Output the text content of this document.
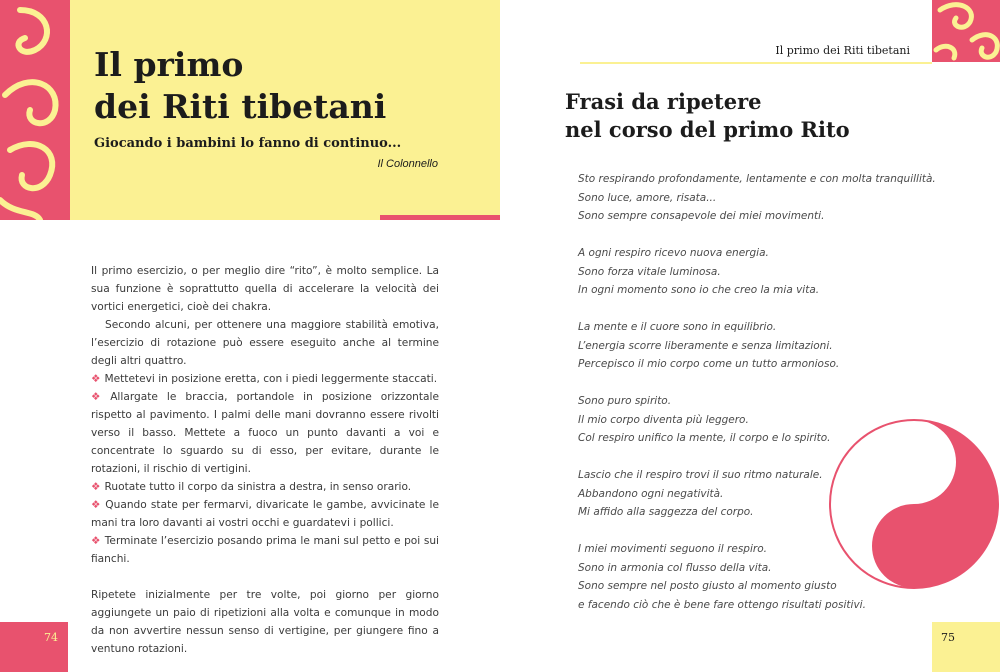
Il primo
dei Riti tibetani

Giocando i bambini lo fanno di continuo...

Il Colonnello

Il primo esercizio, o per meglio dire “rito”, è molto semplice. La sua funzione è soprattutto quella di accelerare la velocità dei vortici energetici, cioè dei chakra.

Secondo alcuni, per ottenere una maggiore stabilità emotiva, l’esercizio di rotazione può essere eseguito anche al termine degli altri quattro.

❖ Mettetevi in posizione eretta, con i piedi leggermente staccati.
❖ Allargate le braccia, portandole in posizione orizzontale rispetto al pavimento. I palmi delle mani dovranno essere rivolti verso il basso. Mettete a fuoco un punto davanti a voi e concentrate lo sguardo su di esso, per evitare, durante le rotazioni, il rischio di vertigini.
❖ Ruotate tutto il corpo da sinistra a destra, in senso orario.
❖ Quando state per fermarvi, divaricate le gambe, avvicinate le mani tra loro davanti ai vostri occhi e guardatevi i pollici.
❖ Terminate l’esercizio posando prima le mani sul petto e poi sui fianchi.

Ripetete inizialmente per tre volte, poi giorno per giorno aggiungete un paio di ripetizioni alla volta e comunque in modo da non avvertire nessun senso di vertigine, per giungere fino a ventuno rotazioni.

74
Il primo dei Riti tibetani
Frasi da ripetere
nel corso del primo Rito
Sto respirando profondamente, lentamente e con molta tranquillità.
Sono luce, amore, risata...
Sono sempre consapevole dei miei movimenti.
A ogni respiro ricevo nuova energia.
Sono forza vitale luminosa.
In ogni momento sono io che creo la mia vita.
La mente e il cuore sono in equilibrio.
L’energia scorre liberamente e senza limitazioni.
Percepisco il mio corpo come un tutto armonioso.
Sono puro spirito.
Il mio corpo diventa più leggero.
Col respiro unifico la mente, il corpo e lo spirito.
Lascio che il respiro trovi il suo ritmo naturale.
Abbandono ogni negatività.
Mi affido alla saggezza del corpo.
I miei movimenti seguono il respiro.
Sono in armonia col flusso della vita.
Sono sempre nel posto giusto al momento giusto
e facendo ciò che è bene fare ottengo risultati positivi.
75
